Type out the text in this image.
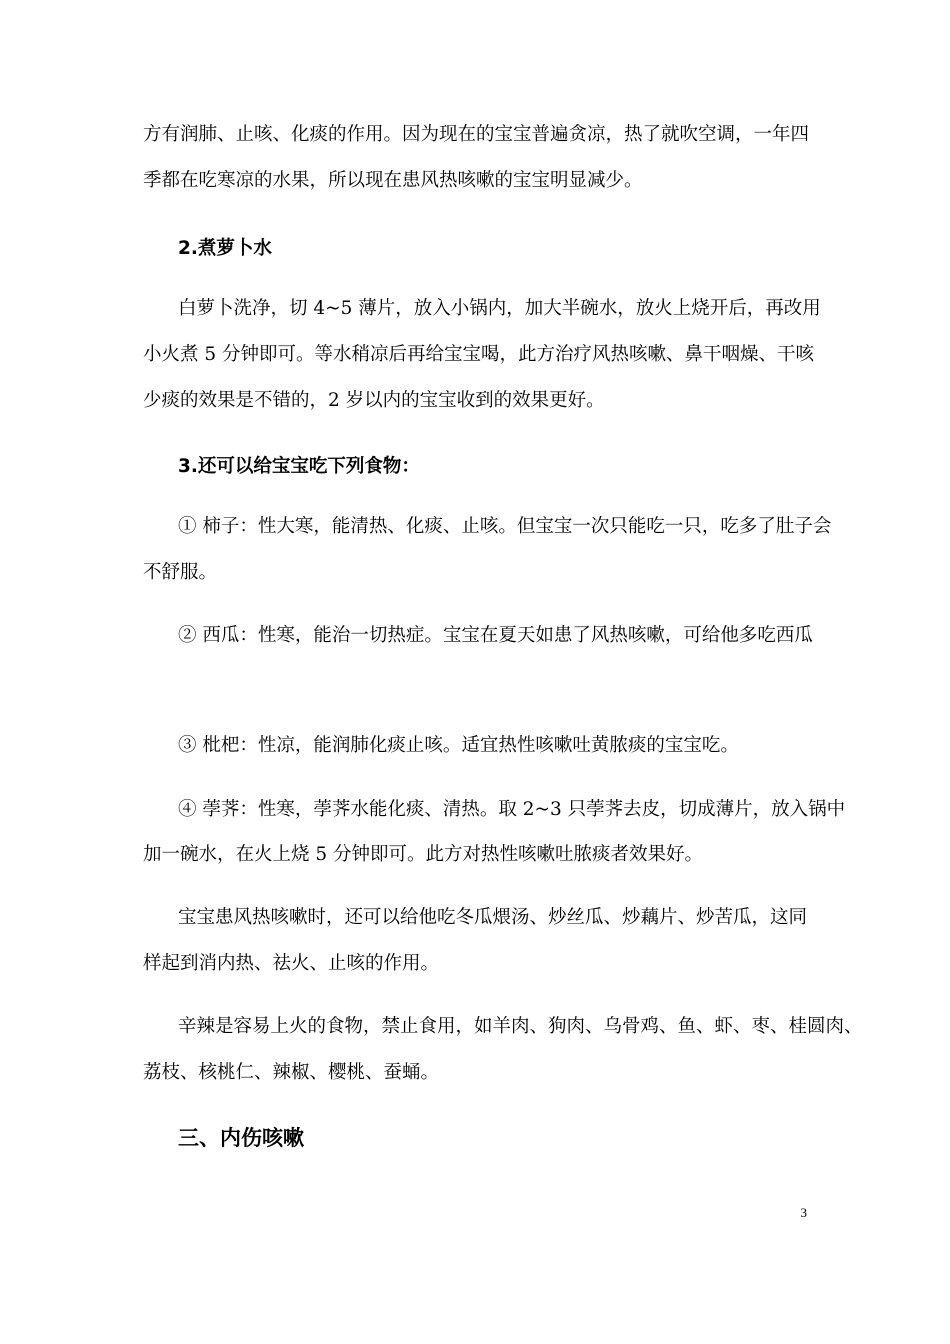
方有润肺、止咳、化痰的作用。因为现在的宝宝普遍贪凉，热了就吹空调，一年四
季都在吃寒凉的水果，所以现在患风热咳嗽的宝宝明显减少。
2.煮萝卜水
白萝卜洗净，切 4~5 薄片，放入小锅内，加大半碗水，放火上烧开后，再改用
小火煮 5 分钟即可。等水稍凉后再给宝宝喝，此方治疗风热咳嗽、鼻干咽燥、干咳
少痰的效果是不错的，2 岁以内的宝宝收到的效果更好。
3.还可以给宝宝吃下列食物：
① 柿子：性大寒，能清热、化痰、止咳。但宝宝一次只能吃一只，吃多了肚子会
不舒服。
② 西瓜：性寒，能治一切热症。宝宝在夏天如患了风热咳嗽，可给他多吃西瓜
③ 枇杷：性凉，能润肺化痰止咳。适宜热性咳嗽吐黄脓痰的宝宝吃。
④ 荸荠：性寒，荸荠水能化痰、清热。取 2~3 只荸荠去皮，切成薄片，放入锅中
加一碗水，在火上烧 5 分钟即可。此方对热性咳嗽吐脓痰者效果好。
宝宝患风热咳嗽时，还可以给他吃冬瓜煨汤、炒丝瓜、炒藕片、炒苦瓜，这同
样起到消内热、祛火、止咳的作用。
辛辣是容易上火的食物，禁止食用，如羊肉、狗肉、乌骨鸡、鱼、虾、枣、桂圆肉、
荔枝、核桃仁、辣椒、樱桃、蚕蛹。
三、内伤咳嗽
3
